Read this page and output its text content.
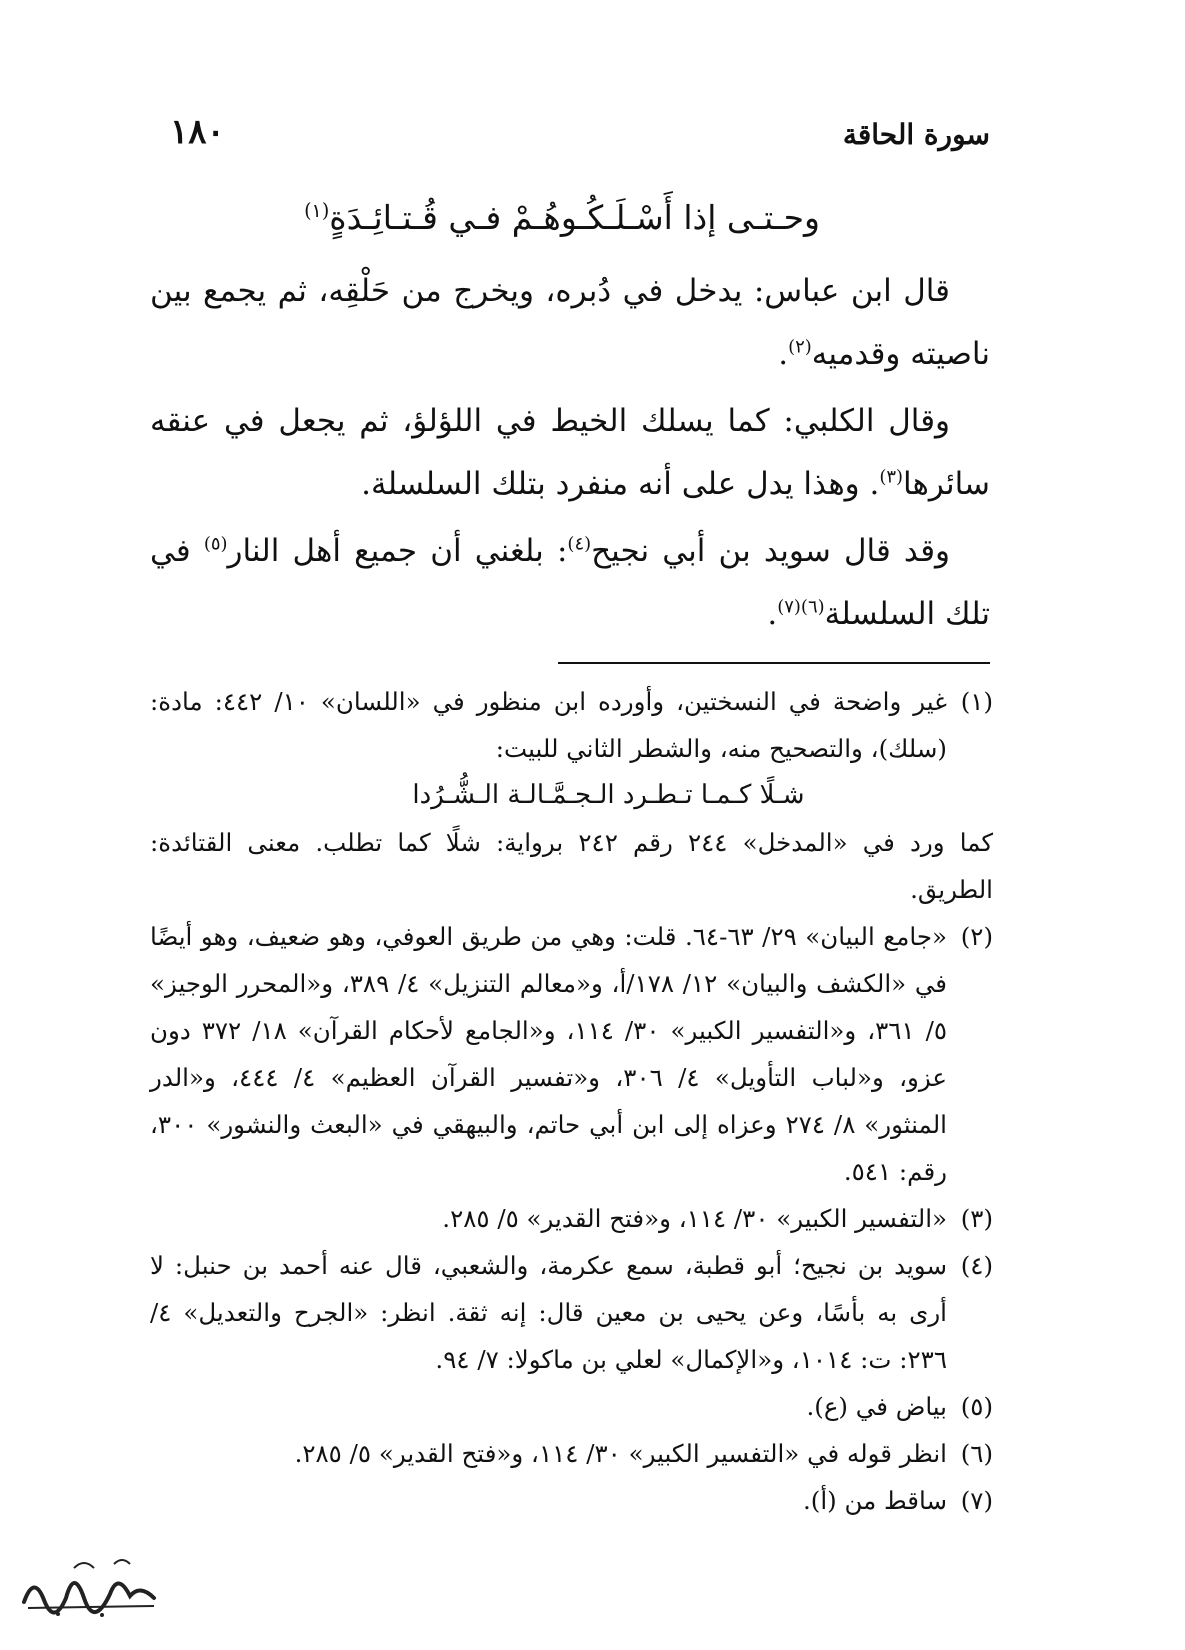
١٨٠	سورة الحاقة
وحـتـى إذا أَسْـلَـكُـوهُـمْ فـي قُـتـائِـدَةٍ$^{(١)}$

قال ابن عباس: يدخل في دُبره، ويخرج من حَلْقِه، ثم يجمع بين ناصيته وقدميه$^{(٢)}$.

وقال الكلبي: كما يسلك الخيط في اللؤلؤ، ثم يجعل في عنقه سائرها$^{(٣)}$. وهذا يدل على أنه منفرد بتلك السلسلة.

وقد قال سويد بن أبي نجيح$^{(٤)}$: بلغني أن جميع أهل النار$^{(٥)}$ في تلك السلسلة$^{(٦)(٧)}$.

(١)
غير واضحة في النسختين، وأورده ابن منظور في «اللسان» ١٠/ ٤٤٢: مادة: (سلك)، والتصحيح منه، والشطر الثاني للبيت:
شـلًا كـمـا تـطـرد الـجـمَّـالـة الـشُّـرُدا
كما ورد في «المدخل» ٢٤٤ رقم ٢٤٢ برواية: شلًا كما تطلب. معنى القتائدة: الطريق.
(٢)
«جامع البيان» ٢٩/ ٦٣-٦٤. قلت: وهي من طريق العوفي، وهو ضعيف، وهو أيضًا في «الكشف والبيان» ١٢/ ١٧٨/أ، و«معالم التنزيل» ٤/ ٣٨٩، و«المحرر الوجيز» ٥/ ٣٦١، و«التفسير الكبير» ٣٠/ ١١٤، و«الجامع لأحكام القرآن» ١٨/ ٣٧٢ دون عزو، و«لباب التأويل» ٤/ ٣٠٦، و«تفسير القرآن العظيم» ٤/ ٤٤٤، و«الدر المنثور» ٨/ ٢٧٤ وعزاه إلى ابن أبي حاتم، والبيهقي في «البعث والنشور» ٣٠٠، رقم: ٥٤١.
(٣)
«التفسير الكبير» ٣٠/ ١١٤، و«فتح القدير» ٥/ ٢٨٥.
(٤)
سويد بن نجيح؛ أبو قطبة، سمع عكرمة، والشعبي، قال عنه أحمد بن حنبل: لا أرى به بأسًا، وعن يحيى بن معين قال: إنه ثقة. انظر: «الجرح والتعديل» ٤/ ٢٣٦: ت: ١٠١٤، و«الإكمال» لعلي بن ماكولا: ٧/ ٩٤.
(٥)
بياض في (ع).
(٦)
انظر قوله في «التفسير الكبير» ٣٠/ ١١٤، و«فتح القدير» ٥/ ٢٨٥.
(٧)
ساقط من (أ).
